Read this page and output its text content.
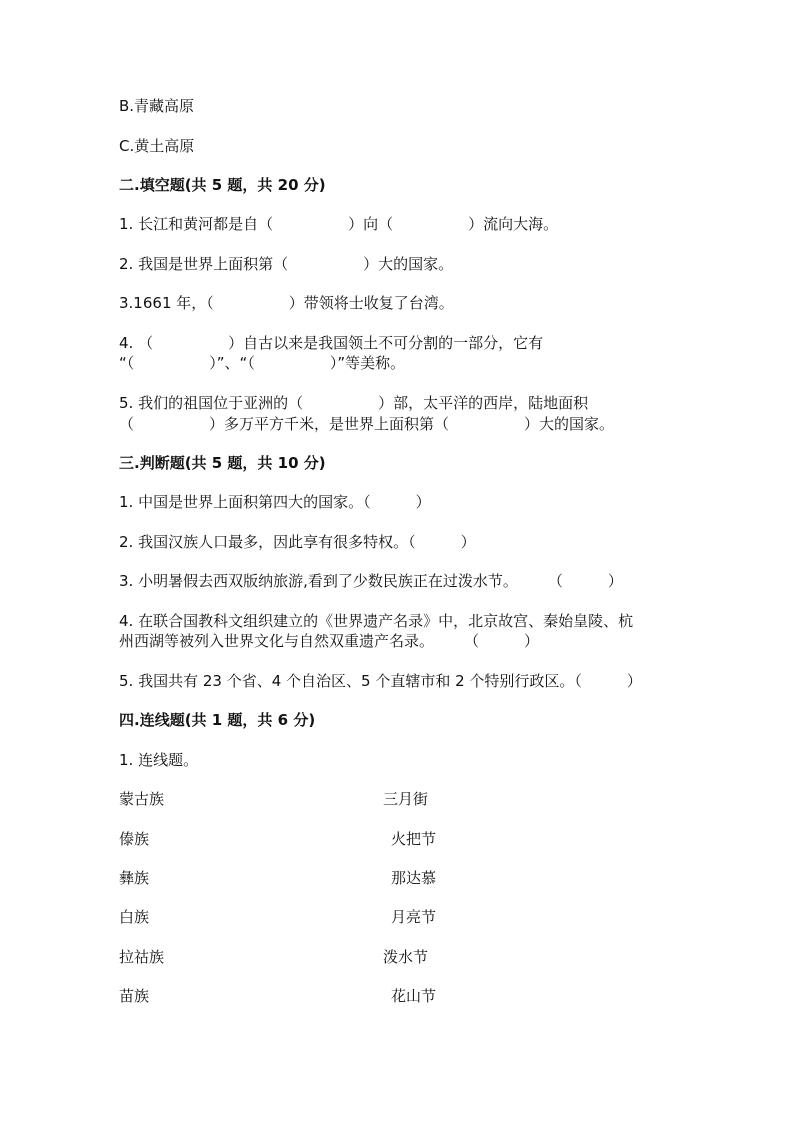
B.青藏高原
C.黄土高原
二.填空题(共 5 题，共 20 分)
1. 长江和黄河都是自（　　　　　）向（　　　　　）流向大海。
2. 我国是世界上面积第（　　　　　）大的国家。
3.1661 年，（　　　　　）带领将士收复了台湾。
4. （　　　　　）自古以来是我国领土不可分割的一部分，它有
“（　　　　　）”、“（　　　　　）”等美称。
5. 我们的祖国位于亚洲的（　　　　　）部，太平洋的西岸，陆地面积
（　　　　　）多万平方千米，是世界上面积第（　　　　　）大的国家。
三.判断题(共 5 题，共 10 分)
1. 中国是世界上面积第四大的国家。（　　　）
2. 我国汉族人口最多，因此享有很多特权。（　　　）
3. 小明暑假去西双版纳旅游,看到了少数民族正在过泼水节。　　　（　　　）
4. 在联合国教科文组织建立的《世界遗产名录》中，北京故宫、秦始皇陵、杭
州西湖等被列入世界文化与自然双重遗产名录。　　　（　　　）
5. 我国共有 23 个省、4 个自治区、5 个直辖市和 2 个特别行政区。（　　　）
四.连线题(共 1 题，共 6 分)
1. 连线题。
蒙古族	三月街
傣族	火把节
彝族	那达慕
白族	月亮节
拉祜族	泼水节
苗族	花山节
